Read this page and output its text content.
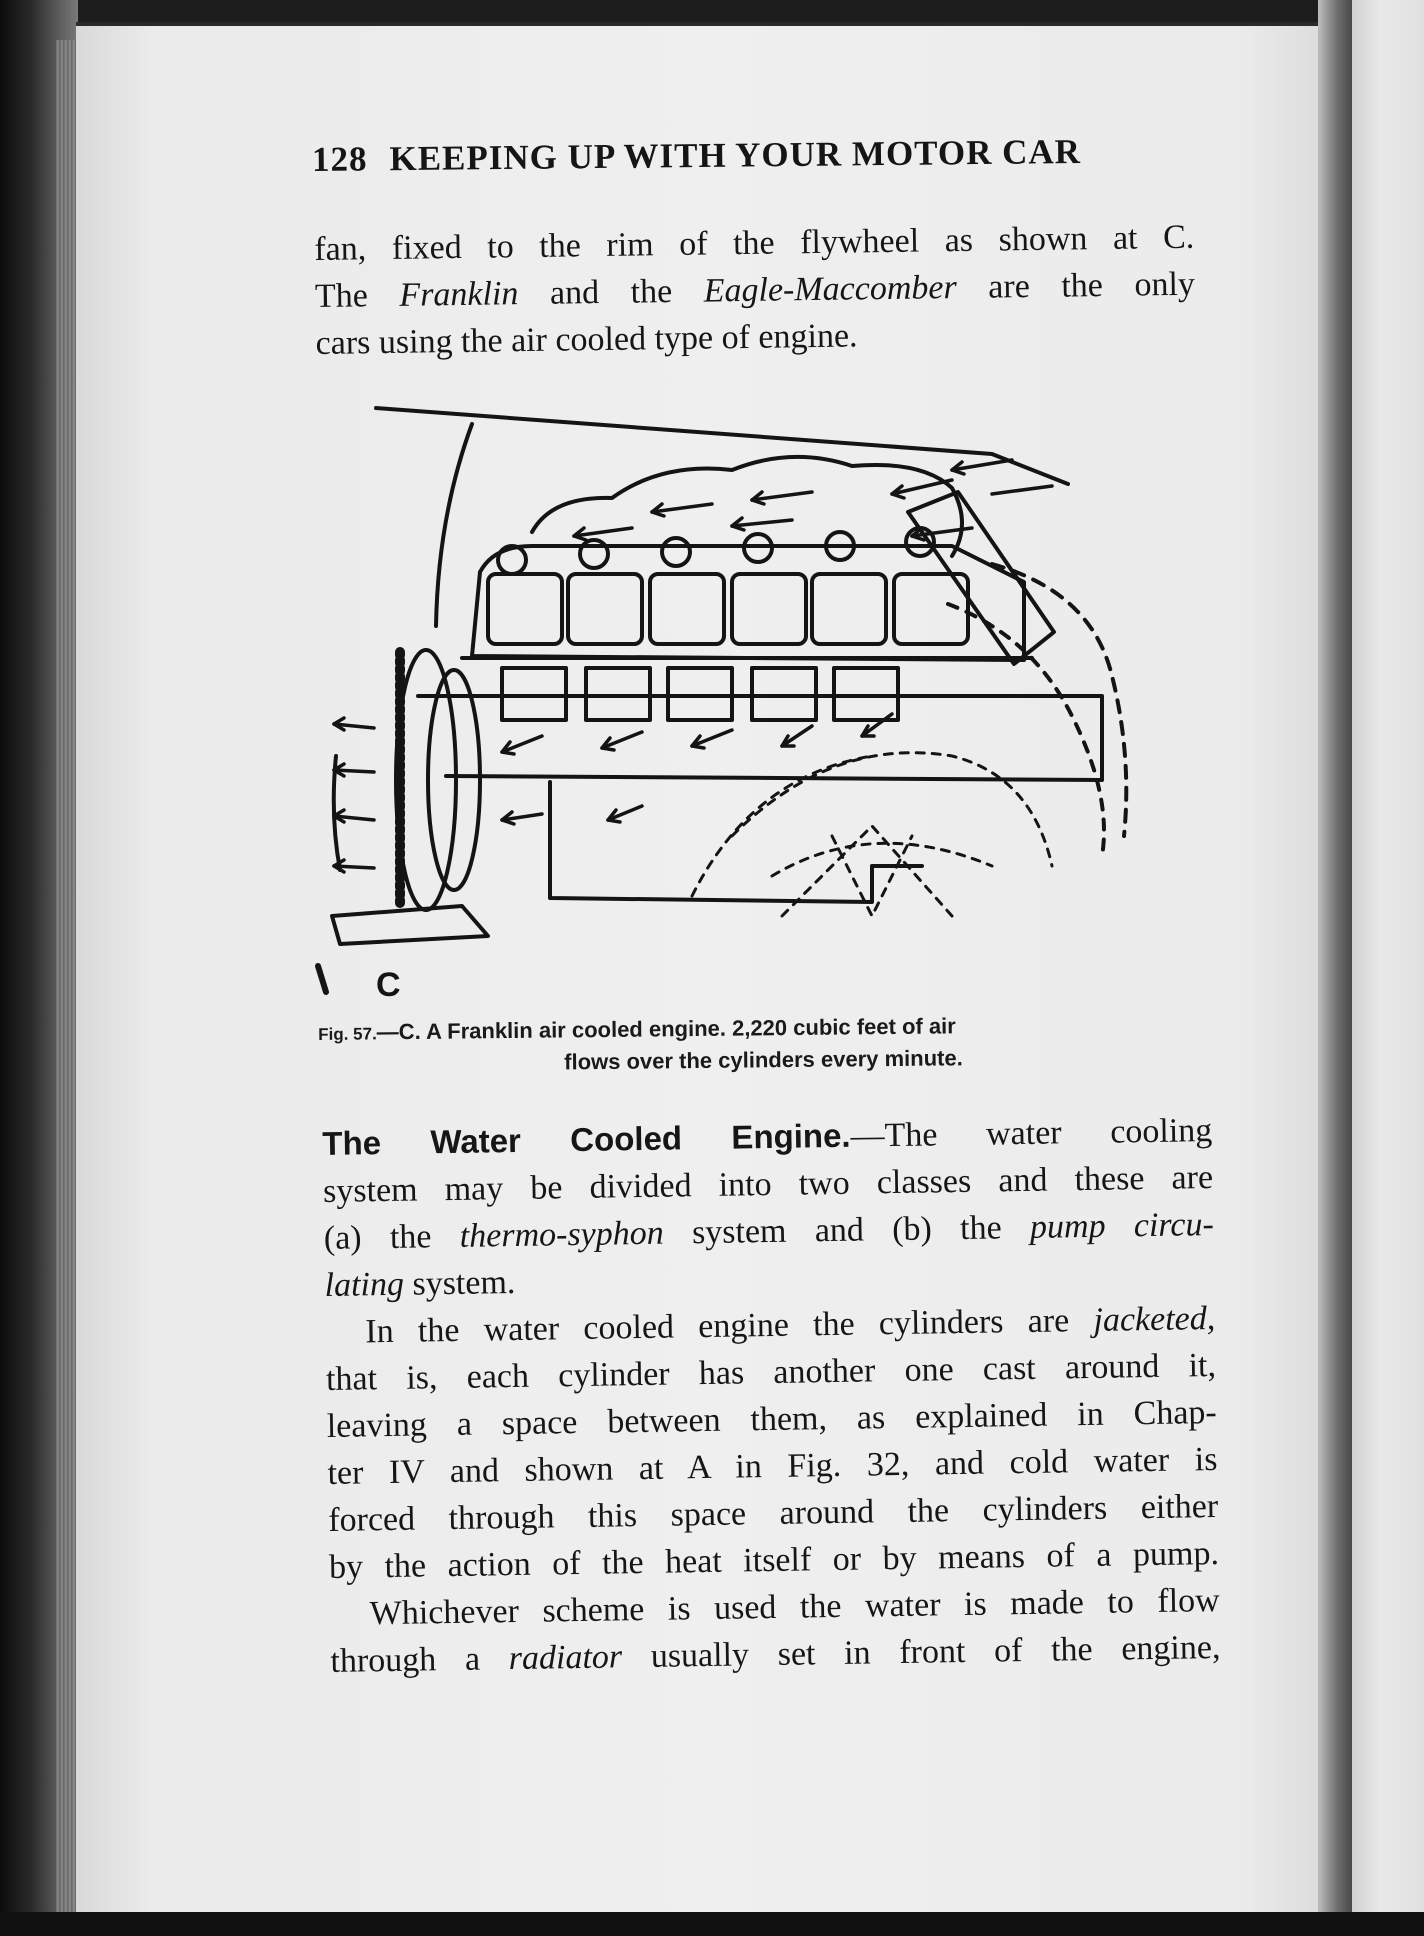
128 KEEPING UP WITH YOUR MOTOR CAR
fan, fixed to the rim of the flywheel as shown at C.
The Franklin and the Eagle-Maccomber are the only
cars using the air cooled type of engine.
C
Fig. 57.—C. A Franklin air cooled engine. 2,220 cubic feet of air
flows over the cylinders every minute.
The Water Cooled Engine.—The water cooling
system may be divided into two classes and these are
(a) the thermo-syphon system and (b) the pump circu-
lating system.
In the water cooled engine the cylinders are jacketed,
that is, each cylinder has another one cast around it,
leaving a space between them, as explained in Chap-
ter IV and shown at A in Fig. 32, and cold water is
forced through this space around the cylinders either
by the action of the heat itself or by means of a pump.
Whichever scheme is used the water is made to flow
through a radiator usually set in front of the engine,
